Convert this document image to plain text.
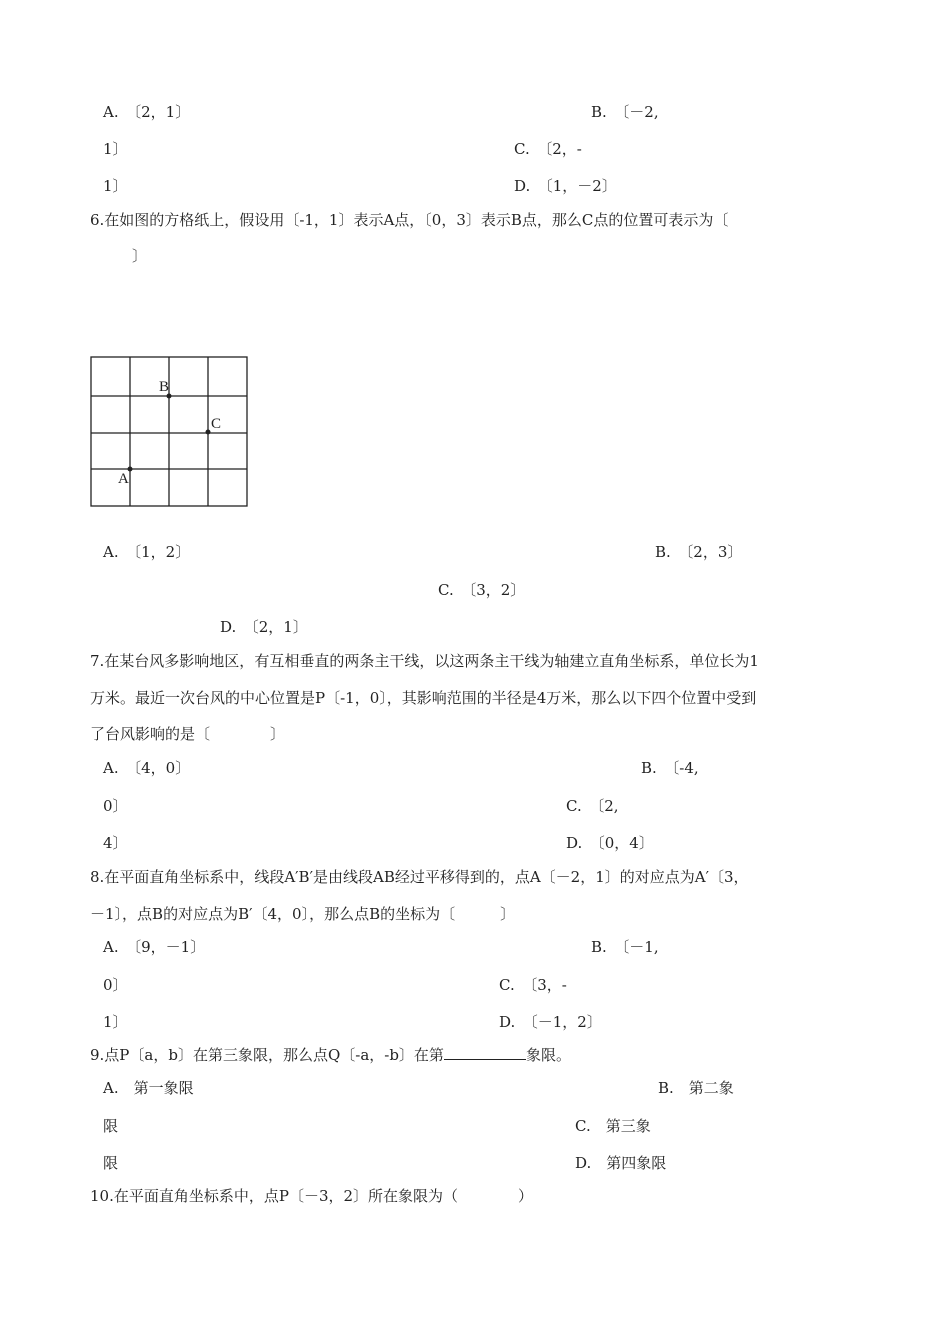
A.　〔2，1〕	B.　〔－2,
1〕	C.　〔2，-
1〕	D.　〔1，－2〕
6.在如图的方格纸上，假设用〔-1，1〕表示A点，〔0，3〕表示B点，那么C点的位置可表示为〔
〕
B
C
A
A.　〔1，2〕	B.　〔2，3〕
C.　〔3，2〕
D.　〔2，1〕
7.在某台风多影响地区，有互相垂直的两条主干线，以这两条主干线为轴建立直角坐标系，单位长为1
万米。最近一次台风的中心位置是P〔-1，0〕，其影响范围的半径是4万米，那么以下四个位置中受到
了台风影响的是〔　　　　〕
A.　〔4，0〕	B.　〔-4,
0〕	C.　〔2,
4〕	D.　〔0，4〕
8.在平面直角坐标系中，线段A′B′是由线段AB经过平移得到的，点A〔－2，1〕的对应点为A′〔3，
－1〕，点B的对应点为B′〔4，0〕，那么点B的坐标为〔　　　〕
A.　〔9，－1〕	B.　〔－1,
0〕	C.　〔3，-
1〕	D.　〔－1，2〕
9.点P〔a，b〕在第三象限，那么点Q〔-a，-b〕在第	象限。
A.　第一象限	B.　第二象
限	C.　第三象
限	D.　第四象限
10.在平面直角坐标系中，点P〔－3，2〕所在象限为（　　　　）
